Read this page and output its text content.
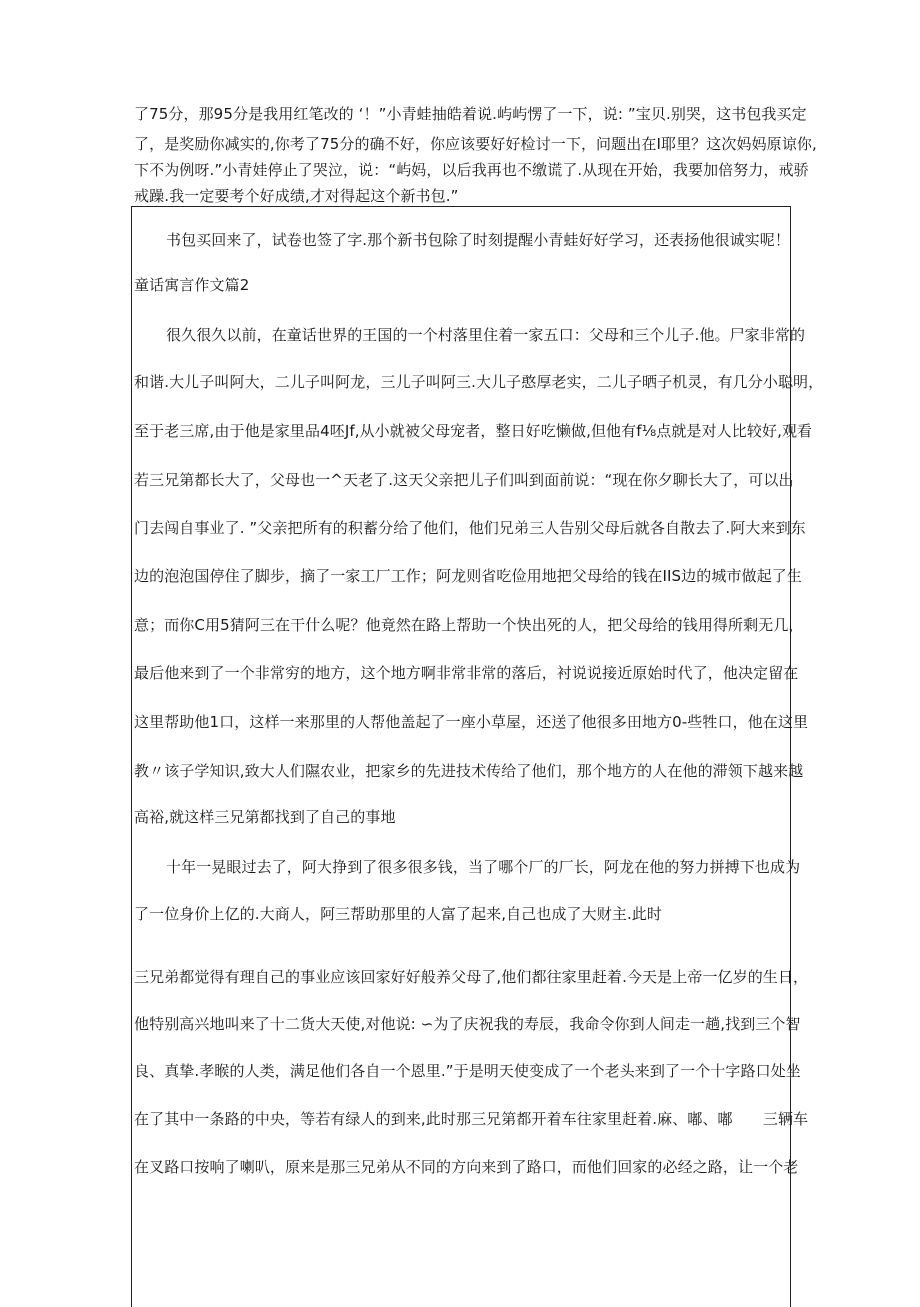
了75分，那95分是我用红笔改的 ‘！”小青蛙抽皓着说.屿屿愣了一下，说: ”宝贝.别哭，这书包我买定
了，是奖励你减实的,你考了75分的确不好，你应该要好好检讨一下，问题出在I耶里？这次妈妈原谅你,
下不为例呀.”小青娃停止了哭泣，说：“屿妈，以后我再也不缴谎了.从现在开始，我要加倍努力，戒骄
戒躁.我一定要考个好成绩,才对得起这个新书包.”
书包买回来了，试卷也签了字.那个新书包除了时刻提醒小青蛙好好学习，还表扬他很诚实呢！
童话寓言作文篇2
很久很久以前，在童话世界的王国的一个村落里住着一家五口：父母和三个儿子.他。尸家非常的
和谐.大儿子叫阿大，二儿子叫阿龙，三儿子叫阿三.大儿子憨厚老实，二儿子晒子机灵，有几分小聪明，
至于老三席,由于他是家里品4呸Jf,从小就被父母宠者，整日好吃懒做,但他有f⅛点就是对人比较好,观看
若三兄第都长大了，父母也一^天老了.这天父亲把儿子们叫到面前说：“现在你夕聊长大了，可以出
门去闯自事业了. ”父亲把所有的积蓄分给了他们，他们兄弟三人告别父母后就各自散去了.阿大来到东
边的泡泡国停住了脚步，摘了一家工厂工作；阿龙则省吃俭用地把父母给的钱在IIS边的城市做起了生
意；而你C用5猜阿三在干什么呢？他竟然在路上帮助一个快出死的人，把父母给的钱用得所剩无几，
最后他来到了一个非常穷的地方，这个地方啊非常非常的落后，衬说说接近原始时代了，他决定留在
这里帮助他1口，这样一来那里的人帮他盖起了一座小草屋，还送了他很多田地方0-些牲口，他在这里
教〃该子学知识,致大人们隰农业，把家乡的先进技术传给了他们，那个地方的人在他的滞领下越来越
高裕,就这样三兄第都找到了自己的事地
十年一晃眼过去了，阿大挣到了很多很多钱，当了哪个厂的厂长，阿龙在他的努力拼搏下也成为
了一位身价上亿的.大商人，阿三帮助那里的人富了起来,自己也成了大财主.此时
三兄弟都觉得有理自己的事业应该回家好好般养父母了,他们都往家里赶着.今天是上帝一亿岁的生日，
他特别高兴地叫来了十二货大天使,对他说: ∽为了庆祝我的寿辰，我命令你到人间走一趟,找到三个智
良、真挚.孝睺的人类，满足他们各自一个恩里.”于是明天使变成了一个老头来到了一个十字路口处坐
在了其中一条路的中央，等若有绿人的到来,此时那三兄第都开着车往家里赶着.麻、嘟、嘟　　三辆车
在叉路口按响了喇叭，原来是那三兄弟从不同的方向来到了路口，而他们回家的必经之路，让一个老
